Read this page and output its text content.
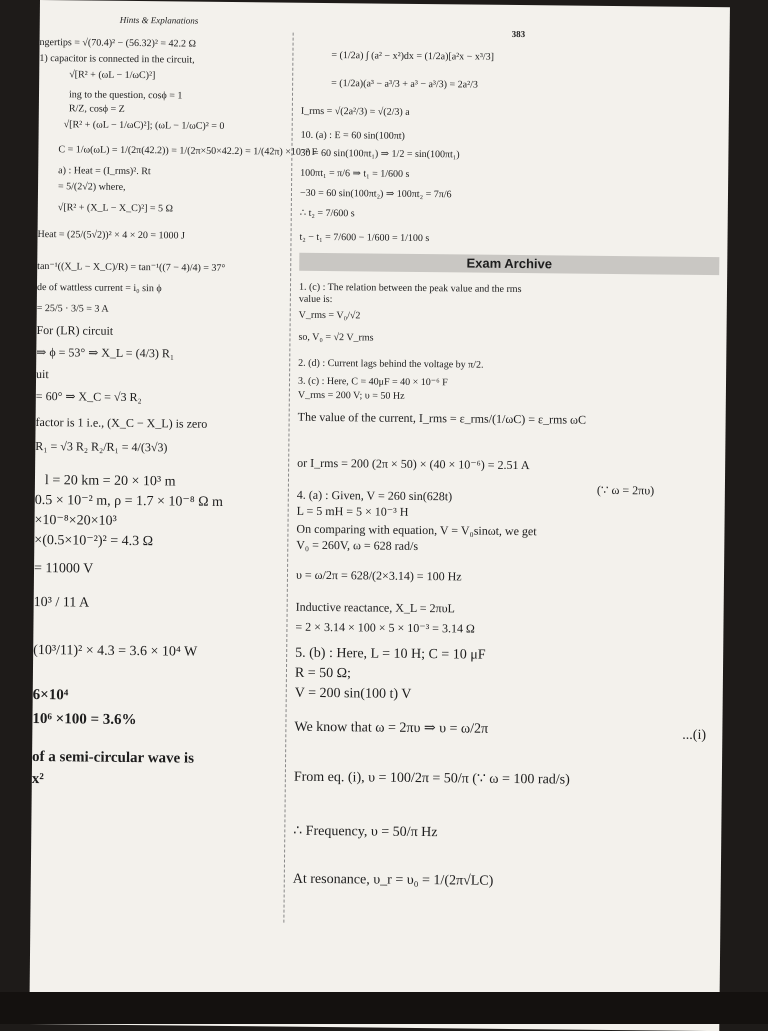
Hints & Explanations
383
ngertips = √(70.4)² − (56.32)² = 42.2 Ω
1) capacitor is connected in the circuit,
√[R² + (ωL − 1/ωC)²]
ing to the question, cosϕ = 1
R/Z, cosϕ = Z
√[R² + (ωL − 1/ωC)²]; (ωL − 1/ωC)² = 0
C = 1/ω(ωL) = 1/(2π(42.2)) = 1/(2π×50×42.2) = 1/(42π) ×10⁻² F
a) : Heat = (I_rms)². Rt
= 5/(2√2) where,
√[R² + (X_L − X_C)²] = 5 Ω
Heat = (25/(5√2))² × 4 × 20 = 1000 J
tan⁻¹((X_L − X_C)/R) = tan⁻¹((7 − 4)/4) = 37°
de of wattless current = i₀ sin ϕ
= 25/5 · 3/5 = 3 A
For (LR) circuit
⇒ ϕ = 53° ⇒ X_L = (4/3) R₁
uit
= 60° ⇒ X_C = √3 R₂
factor is 1 i.e., (X_C − X_L) is zero
R₁ = √3 R₂ R₂/R₁ = 4/(3√3)
l = 20 km = 20 × 10³ m
0.5 × 10⁻² m, ρ = 1.7 × 10⁻⁸ Ω m
×10⁻⁸×20×10³
×(0.5×10⁻²)² = 4.3 Ω
= 11000 V
10³ / 11 A
(10³/11)² × 4.3 = 3.6 × 10⁴ W
6×10⁴
10⁶ ×100 = 3.6%
of a semi-circular wave is
x²
= (1/2a) ∫ (a² − x²)dx = (1/2a)[a²x − x³/3]
= (1/2a)(a³ − a³/3 + a³ − a³/3) = 2a²/3
I_rms = √(2a²/3) = √(2/3) a
10. (a) : E = 60 sin(100πt)
30 = 60 sin(100πt₁) ⇒ 1/2 = sin(100πt₁)
100πt₁ = π/6 ⇒ t₁ = 1/600 s
−30 = 60 sin(100πt₂) ⇒ 100πt₂ = 7π/6
∴ t₂ = 7/600 s
t₂ − t₁ = 7/600 − 1/600 = 1/100 s
1. (c) : The relation between the peak value and the rms
value is:
V_rms = V₀/√2
so, V₀ = √2 V_rms
2. (d) : Current lags behind the voltage by π/2.
3. (c) : Here, C = 40μF = 40 × 10⁻⁶ F
V_rms = 200 V; υ = 50 Hz
The value of the current, I_rms = ε_rms/(1/ωC) = ε_rms ωC
or I_rms = 200 (2π × 50) × (40 × 10⁻⁶) = 2.51 A
(∵ ω = 2πυ)
4. (a) : Given, V = 260 sin(628t)
L = 5 mH = 5 × 10⁻³ H
On comparing with equation, V = V₀sinωt, we get
V₀ = 260V, ω = 628 rad/s
υ = ω/2π = 628/(2×3.14) = 100 Hz
Inductive reactance, X_L = 2πυL
= 2 × 3.14 × 100 × 5 × 10⁻³ = 3.14 Ω
5. (b) : Here, L = 10 H; C = 10 μF
R = 50 Ω;
V = 200 sin(100 t) V
We know that ω = 2πυ ⇒ υ = ω/2π	...(i)
From eq. (i), υ = 100/2π = 50/π (∵ ω = 100 rad/s)
∴ Frequency, υ = 50/π Hz
At resonance, υ_r = υ₀ = 1/(2π√LC)
Exam Archive
